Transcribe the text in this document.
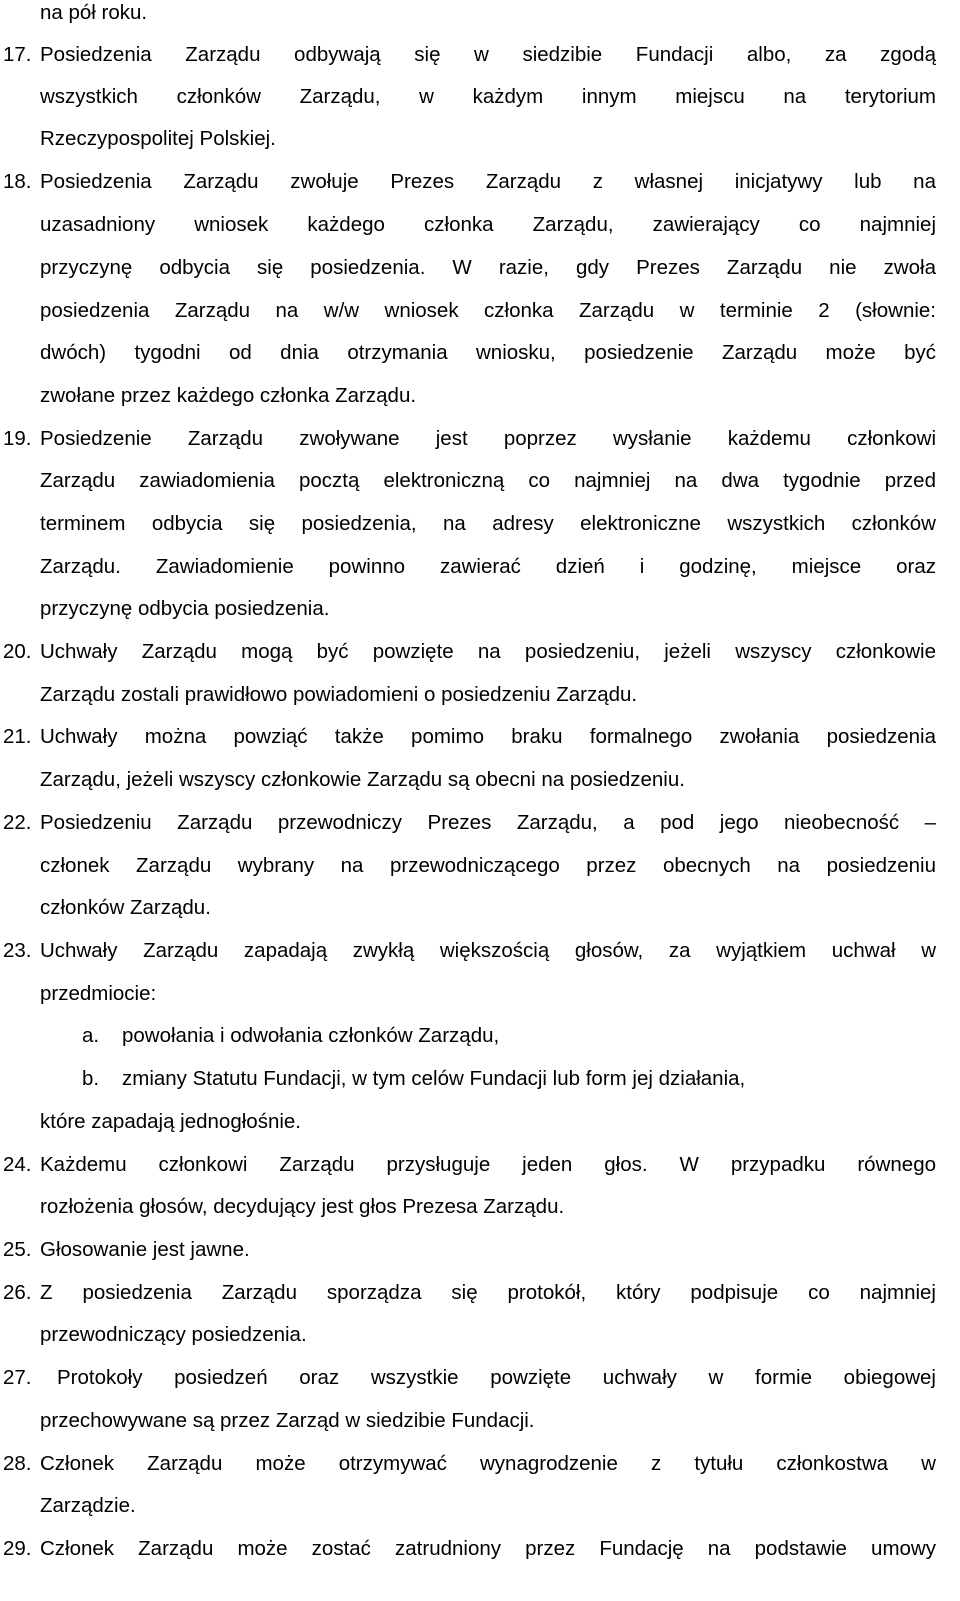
na pół roku.
17. Posiedzenia Zarządu odbywają się w siedzibie Fundacji albo, za zgodą
wszystkich członków Zarządu, w każdym innym miejscu na terytorium
Rzeczypospolitej Polskiej.
18. Posiedzenia Zarządu zwołuje Prezes Zarządu z własnej inicjatywy lub na
uzasadniony wniosek każdego członka Zarządu, zawierający co najmniej
przyczynę odbycia się posiedzenia. W razie, gdy Prezes Zarządu nie zwoła
posiedzenia Zarządu na w/w wniosek członka Zarządu w terminie 2 (słownie:
dwóch) tygodni od dnia otrzymania wniosku, posiedzenie Zarządu może być
zwołane przez każdego członka Zarządu.
19. Posiedzenie Zarządu zwoływane jest poprzez wysłanie każdemu członkowi
Zarządu zawiadomienia pocztą elektroniczną co najmniej na dwa tygodnie przed
terminem odbycia się posiedzenia, na adresy elektroniczne wszystkich członków
Zarządu. Zawiadomienie powinno zawierać dzień i godzinę, miejsce oraz
przyczynę odbycia posiedzenia.
20. Uchwały Zarządu mogą być powzięte na posiedzeniu, jeżeli wszyscy członkowie
Zarządu zostali prawidłowo powiadomieni o posiedzeniu Zarządu.
21. Uchwały można powziąć także pomimo braku formalnego zwołania posiedzenia
Zarządu, jeżeli wszyscy członkowie Zarządu są obecni na posiedzeniu.
22. Posiedzeniu Zarządu przewodniczy Prezes Zarządu, a pod jego nieobecność –
członek Zarządu wybrany na przewodniczącego przez obecnych na posiedzeniu
członków Zarządu.
23. Uchwały Zarządu zapadają zwykłą większością głosów, za wyjątkiem uchwał w
przedmiocie:
a. powołania i odwołania członków Zarządu,
b. zmiany Statutu Fundacji, w tym celów Fundacji lub form jej działania,
które zapadają jednogłośnie.
24. Każdemu członkowi Zarządu przysługuje jeden głos. W przypadku równego
rozłożenia głosów, decydujący jest głos Prezesa Zarządu.
25. Głosowanie jest jawne.
26. Z posiedzenia Zarządu sporządza się protokół, który podpisuje co najmniej
przewodniczący posiedzenia.
27. Protokoły posiedzeń oraz wszystkie powzięte uchwały w formie obiegowej
przechowywane są przez Zarząd w siedzibie Fundacji.
28. Członek Zarządu może otrzymywać wynagrodzenie z tytułu członkostwa w
Zarządzie.
29. Członek Zarządu może zostać zatrudniony przez Fundację na podstawie umowy
